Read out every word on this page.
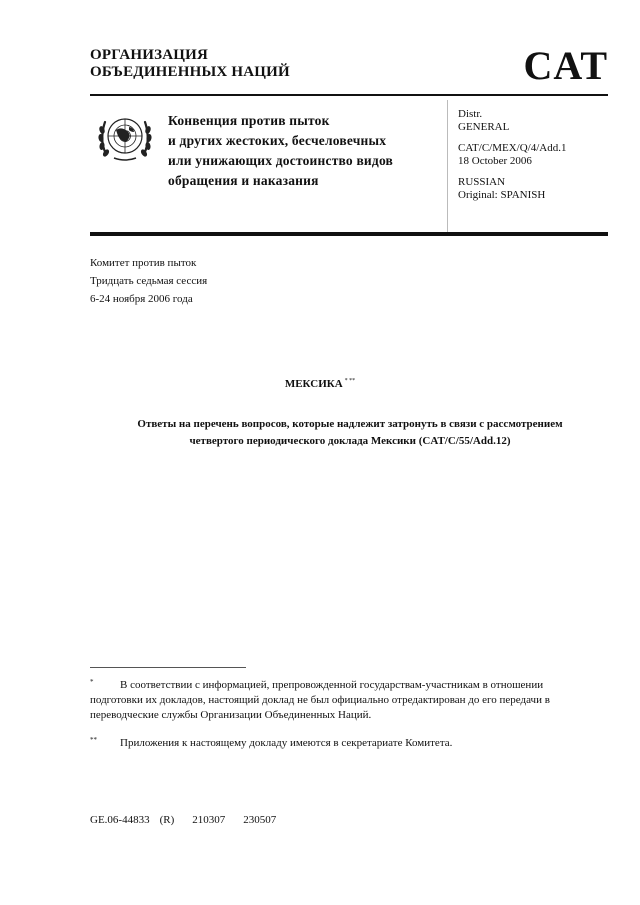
ОРГАНИЗАЦИЯ
ОБЪЕДИНЕННЫХ НАЦИЙ	CAT
Конвенция против пыток
и других жестоких, бесчеловечных
или унижающих достоинство видов
обращения и наказания
Distr.
GENERAL
CAT/C/MEX/Q/4/Add.1
18 October 2006
RUSSIAN
Original: SPANISH
Комитет против пыток
Тридцать седьмая сессия
6-24 ноября 2006 года
МЕКСИКА * **
Ответы на перечень вопросов, которые надлежит затронуть в связи с рассмотрением
четвертого периодического доклада Мексики (CAT/C/55/Add.12)
* В соответствии с информацией, препровожденной государствам-участникам в отношении подготовки их докладов, настоящий доклад не был официально отредактирован до его передачи в переводческие службы Организации Объединенных Наций.
** Приложения к настоящему докладу имеются в секретариате Комитета.
GE.06-44833 (R) 210307 230507
